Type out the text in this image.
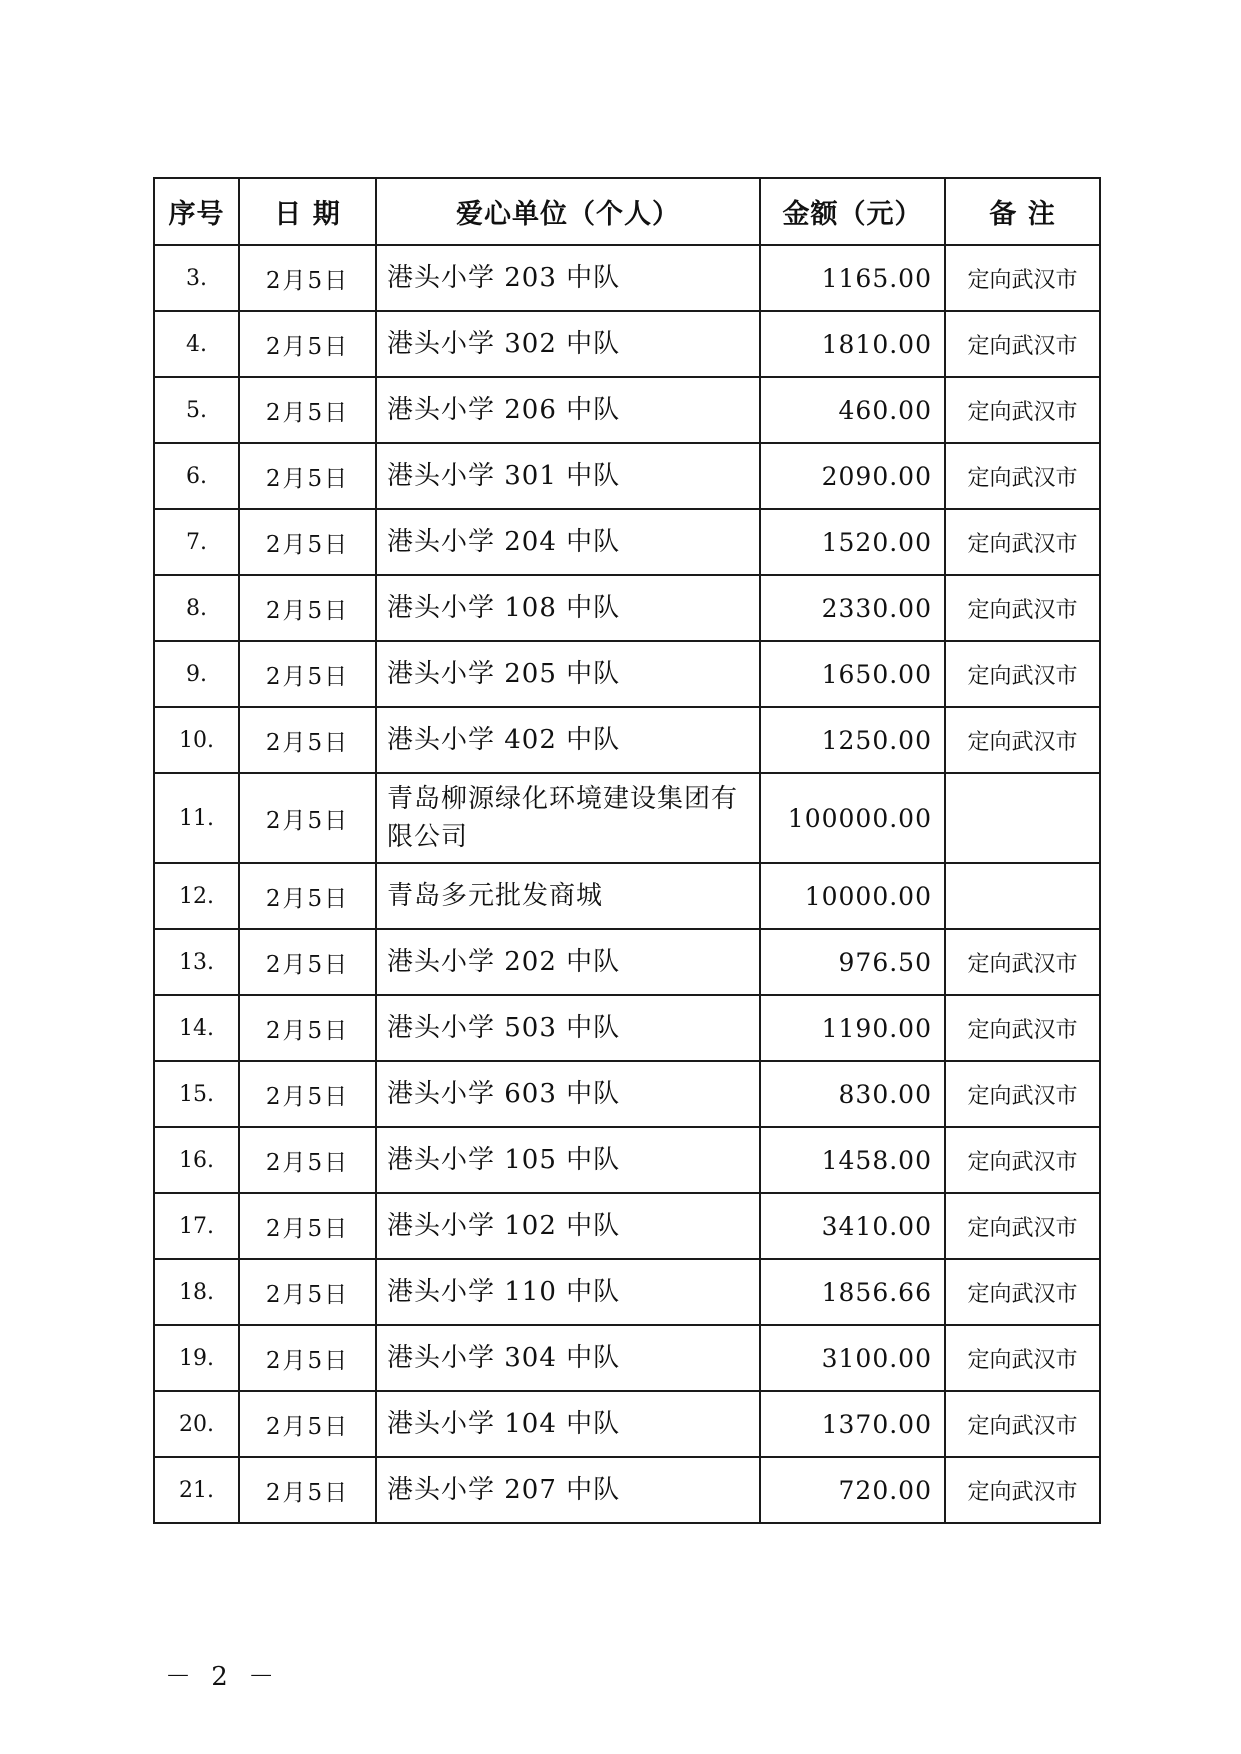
序号	日 期	爱心单位（个人）	金额（元）	备 注
3.	2月5日	港头小学 203 中队	1165.00	定向武汉市
4.	2月5日	港头小学 302 中队	1810.00	定向武汉市
5.	2月5日	港头小学 206 中队	460.00	定向武汉市
6.	2月5日	港头小学 301 中队	2090.00	定向武汉市
7.	2月5日	港头小学 204 中队	1520.00	定向武汉市
8.	2月5日	港头小学 108 中队	2330.00	定向武汉市
9.	2月5日	港头小学 205 中队	1650.00	定向武汉市
10.	2月5日	港头小学 402 中队	1250.00	定向武汉市
11.	2月5日	青岛柳源绿化环境建设集团有限公司	100000.00	
12.	2月5日	青岛多元批发商城	10000.00	
13.	2月5日	港头小学 202 中队	976.50	定向武汉市
14.	2月5日	港头小学 503 中队	1190.00	定向武汉市
15.	2月5日	港头小学 603 中队	830.00	定向武汉市
16.	2月5日	港头小学 105 中队	1458.00	定向武汉市
17.	2月5日	港头小学 102 中队	3410.00	定向武汉市
18.	2月5日	港头小学 110 中队	1856.66	定向武汉市
19.	2月5日	港头小学 304 中队	3100.00	定向武汉市
20.	2月5日	港头小学 104 中队	1370.00	定向武汉市
21.	2月5日	港头小学 207 中队	720.00	定向武汉市
－ 2 －
